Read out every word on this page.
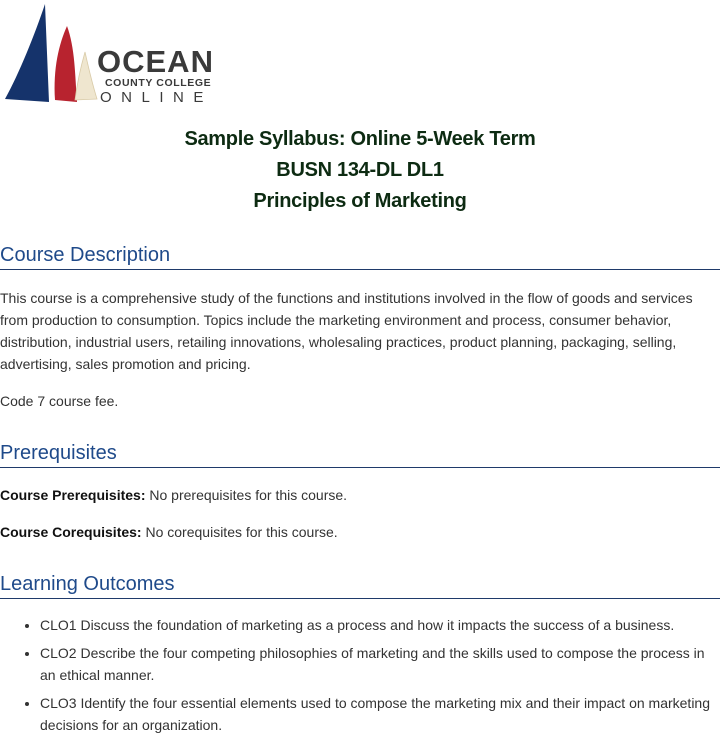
OCEAN
COUNTY COLLEGE
ONLINE
Sample Syllabus: Online 5-Week Term
BUSN 134-DL DL1
Principles of Marketing
Course Description

This course is a comprehensive study of the functions and institutions involved in the flow of goods and services from production to consumption. Topics include the marketing environment and process, consumer behavior, distribution, industrial users, retailing innovations, wholesaling practices, product planning, packaging, selling, advertising, sales promotion and pricing.

Code 7 course fee.

Prerequisites

Course Prerequisites: No prerequisites for this course.

Course Corequisites: No corequisites for this course.

Learning Outcomes
• CLO1 Discuss the foundation of marketing as a process and how it impacts the success of a business.
• CLO2 Describe the four competing philosophies of marketing and the skills used to compose the process in an ethical manner.
• CLO3 Identify the four essential elements used to compose the marketing mix and their impact on marketing decisions for an organization.
